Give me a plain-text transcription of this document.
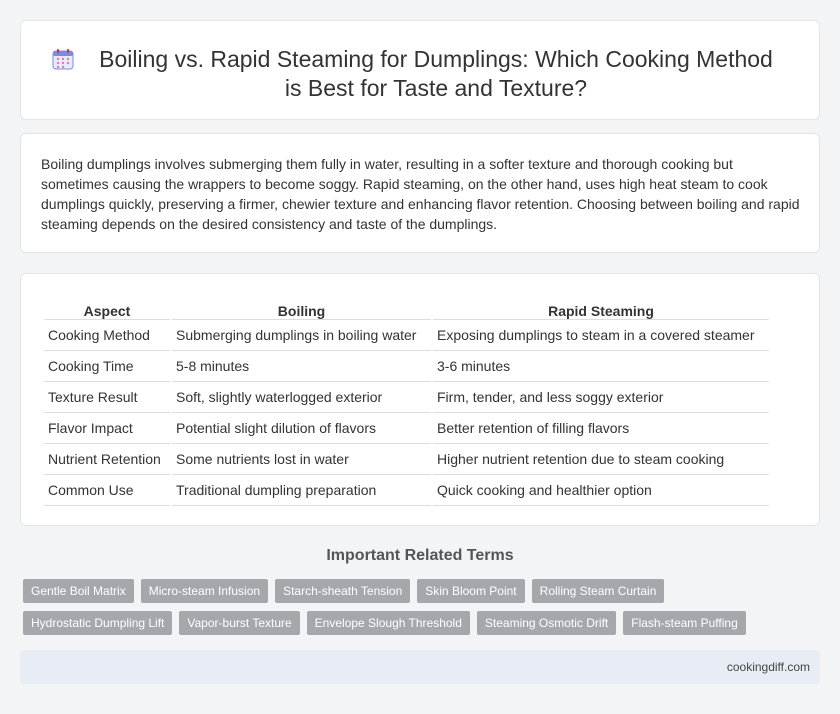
Boiling vs. Rapid Steaming for Dumplings: Which Cooking Method is Best for Taste and Texture?

Boiling dumplings involves submerging them fully in water, resulting in a softer texture and thorough cooking but sometimes causing the wrappers to become soggy. Rapid steaming, on the other hand, uses high heat steam to cook dumplings quickly, preserving a firmer, chewier texture and enhancing flavor retention. Choosing between boiling and rapid steaming depends on the desired consistency and taste of the dumplings.

Aspect	Boiling	Rapid Steaming
Cooking Method	Submerging dumplings in boiling water	Exposing dumplings to steam in a covered steamer
Cooking Time	5-8 minutes	3-6 minutes
Texture Result	Soft, slightly waterlogged exterior	Firm, tender, and less soggy exterior
Flavor Impact	Potential slight dilution of flavors	Better retention of filling flavors
Nutrient Retention	Some nutrients lost in water	Higher nutrient retention due to steam cooking
Common Use	Traditional dumpling preparation	Quick cooking and healthier option
Important Related Terms
Gentle Boil Matrix	Micro-steam Infusion	Starch-sheath Tension	Skin Bloom Point	Rolling Steam Curtain
Hydrostatic Dumpling Lift	Vapor-burst Texture	Envelope Slough Threshold	Steaming Osmotic Drift	Flash-steam Puffing
cookingdiff.com
